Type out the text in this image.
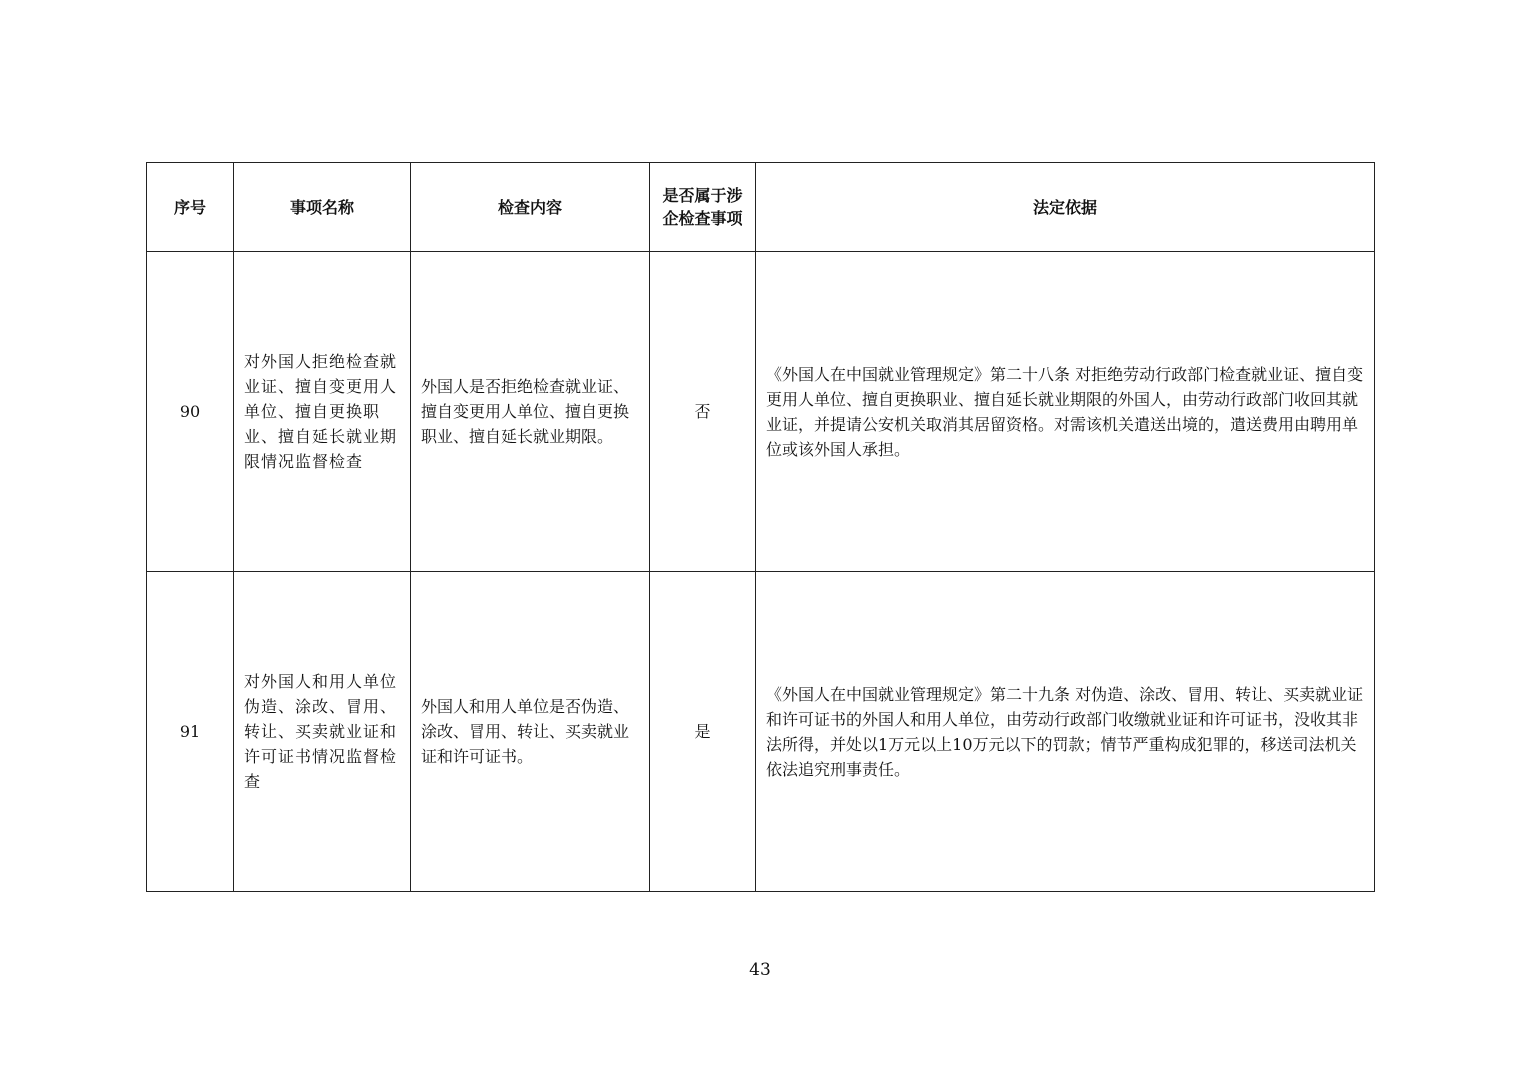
序号	事项名称	检查内容	是否属于涉企检查事项	法定依据
90	对外国人拒绝检查就业证、擅自变更用人单位、擅自更换职业、擅自延长就业期限情况监督检查	外国人是否拒绝检查就业证、擅自变更用人单位、擅自更换职业、擅自延长就业期限。	否	《外国人在中国就业管理规定》第二十八条 对拒绝劳动行政部门检查就业证、擅自变更用人单位、擅自更换职业、擅自延长就业期限的外国人，由劳动行政部门收回其就业证，并提请公安机关取消其居留资格。对需该机关遣送出境的，遣送费用由聘用单位或该外国人承担。
91	对外国人和用人单位伪造、涂改、冒用、转让、买卖就业证和许可证书情况监督检查	外国人和用人单位是否伪造、涂改、冒用、转让、买卖就业证和许可证书。	是	《外国人在中国就业管理规定》第二十九条 对伪造、涂改、冒用、转让、买卖就业证和许可证书的外国人和用人单位，由劳动行政部门收缴就业证和许可证书，没收其非法所得，并处以1万元以上10万元以下的罚款；情节严重构成犯罪的，移送司法机关依法追究刑事责任。
43
